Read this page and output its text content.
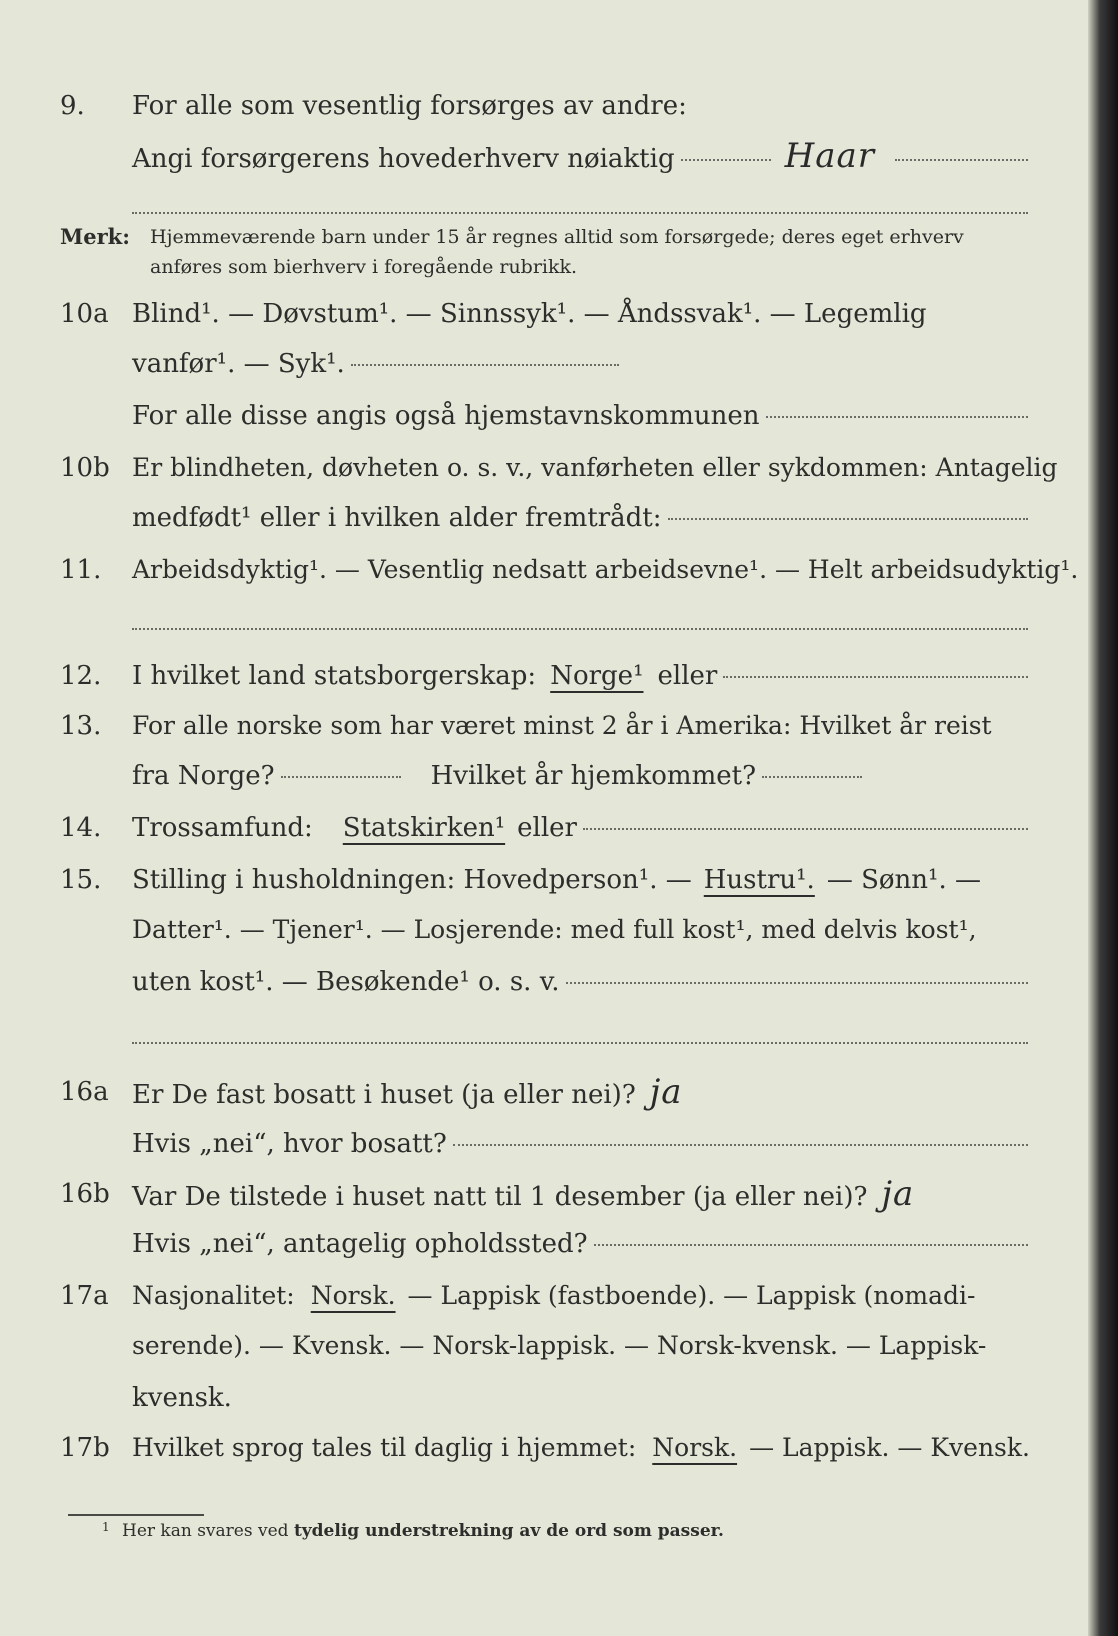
9.	For alle som vesentlig forsørges av andre:
Angi forsørgerens hovederhverv nøiaktig	Haar
Merk: Hjemmeværende barn under 15 år regnes alltid som forsørgede; deres eget erhverv anføres som bierhverv i foregående rubrikk.
10a Blind¹. — Døvstum¹. — Sinnssyk¹. — Åndssvak¹. — Legemlig
vanfør¹. — Syk¹.
For alle disse angis også hjemstavnskommunen
10b Er blindheten, døvheten o. s. v., vanførheten eller sykdommen: Antagelig
medfødt¹ eller i hvilken alder fremtrådt:
11.	Arbeidsdyktig¹. — Vesentlig nedsatt arbeidsevne¹. — Helt arbeidsudyktig¹.
12.	I hvilket land statsborgerskap: Norge¹ eller
13.	For alle norske som har været minst 2 år i Amerika: Hvilket år reist
fra Norge?	Hvilket år hjemkommet?
14.	Trossamfund: Statskirken¹ eller
15.	Stilling i husholdningen: Hovedperson¹. — Hustru¹. — Sønn¹. —
Datter¹. — Tjener¹. — Losjerende: med full kost¹, med delvis kost¹,
uten kost¹. — Besøkende¹ o. s. v.
16a Er De fast bosatt i huset (ja eller nei)? ja
Hvis „nei“, hvor bosatt?
16b Var De tilstede i huset natt til 1 desember (ja eller nei)? ja
Hvis „nei“, antagelig opholdssted?
17a Nasjonalitet: Norsk. — Lappisk (fastboende). — Lappisk (nomadi-
serende). — Kvensk. — Norsk-lappisk. — Norsk-kvensk. — Lappisk-
kvensk.
17b Hvilket sprog tales til daglig i hjemmet: Norsk. — Lappisk. — Kvensk.
1 Her kan svares ved tydelig understrekning av de ord som passer.
